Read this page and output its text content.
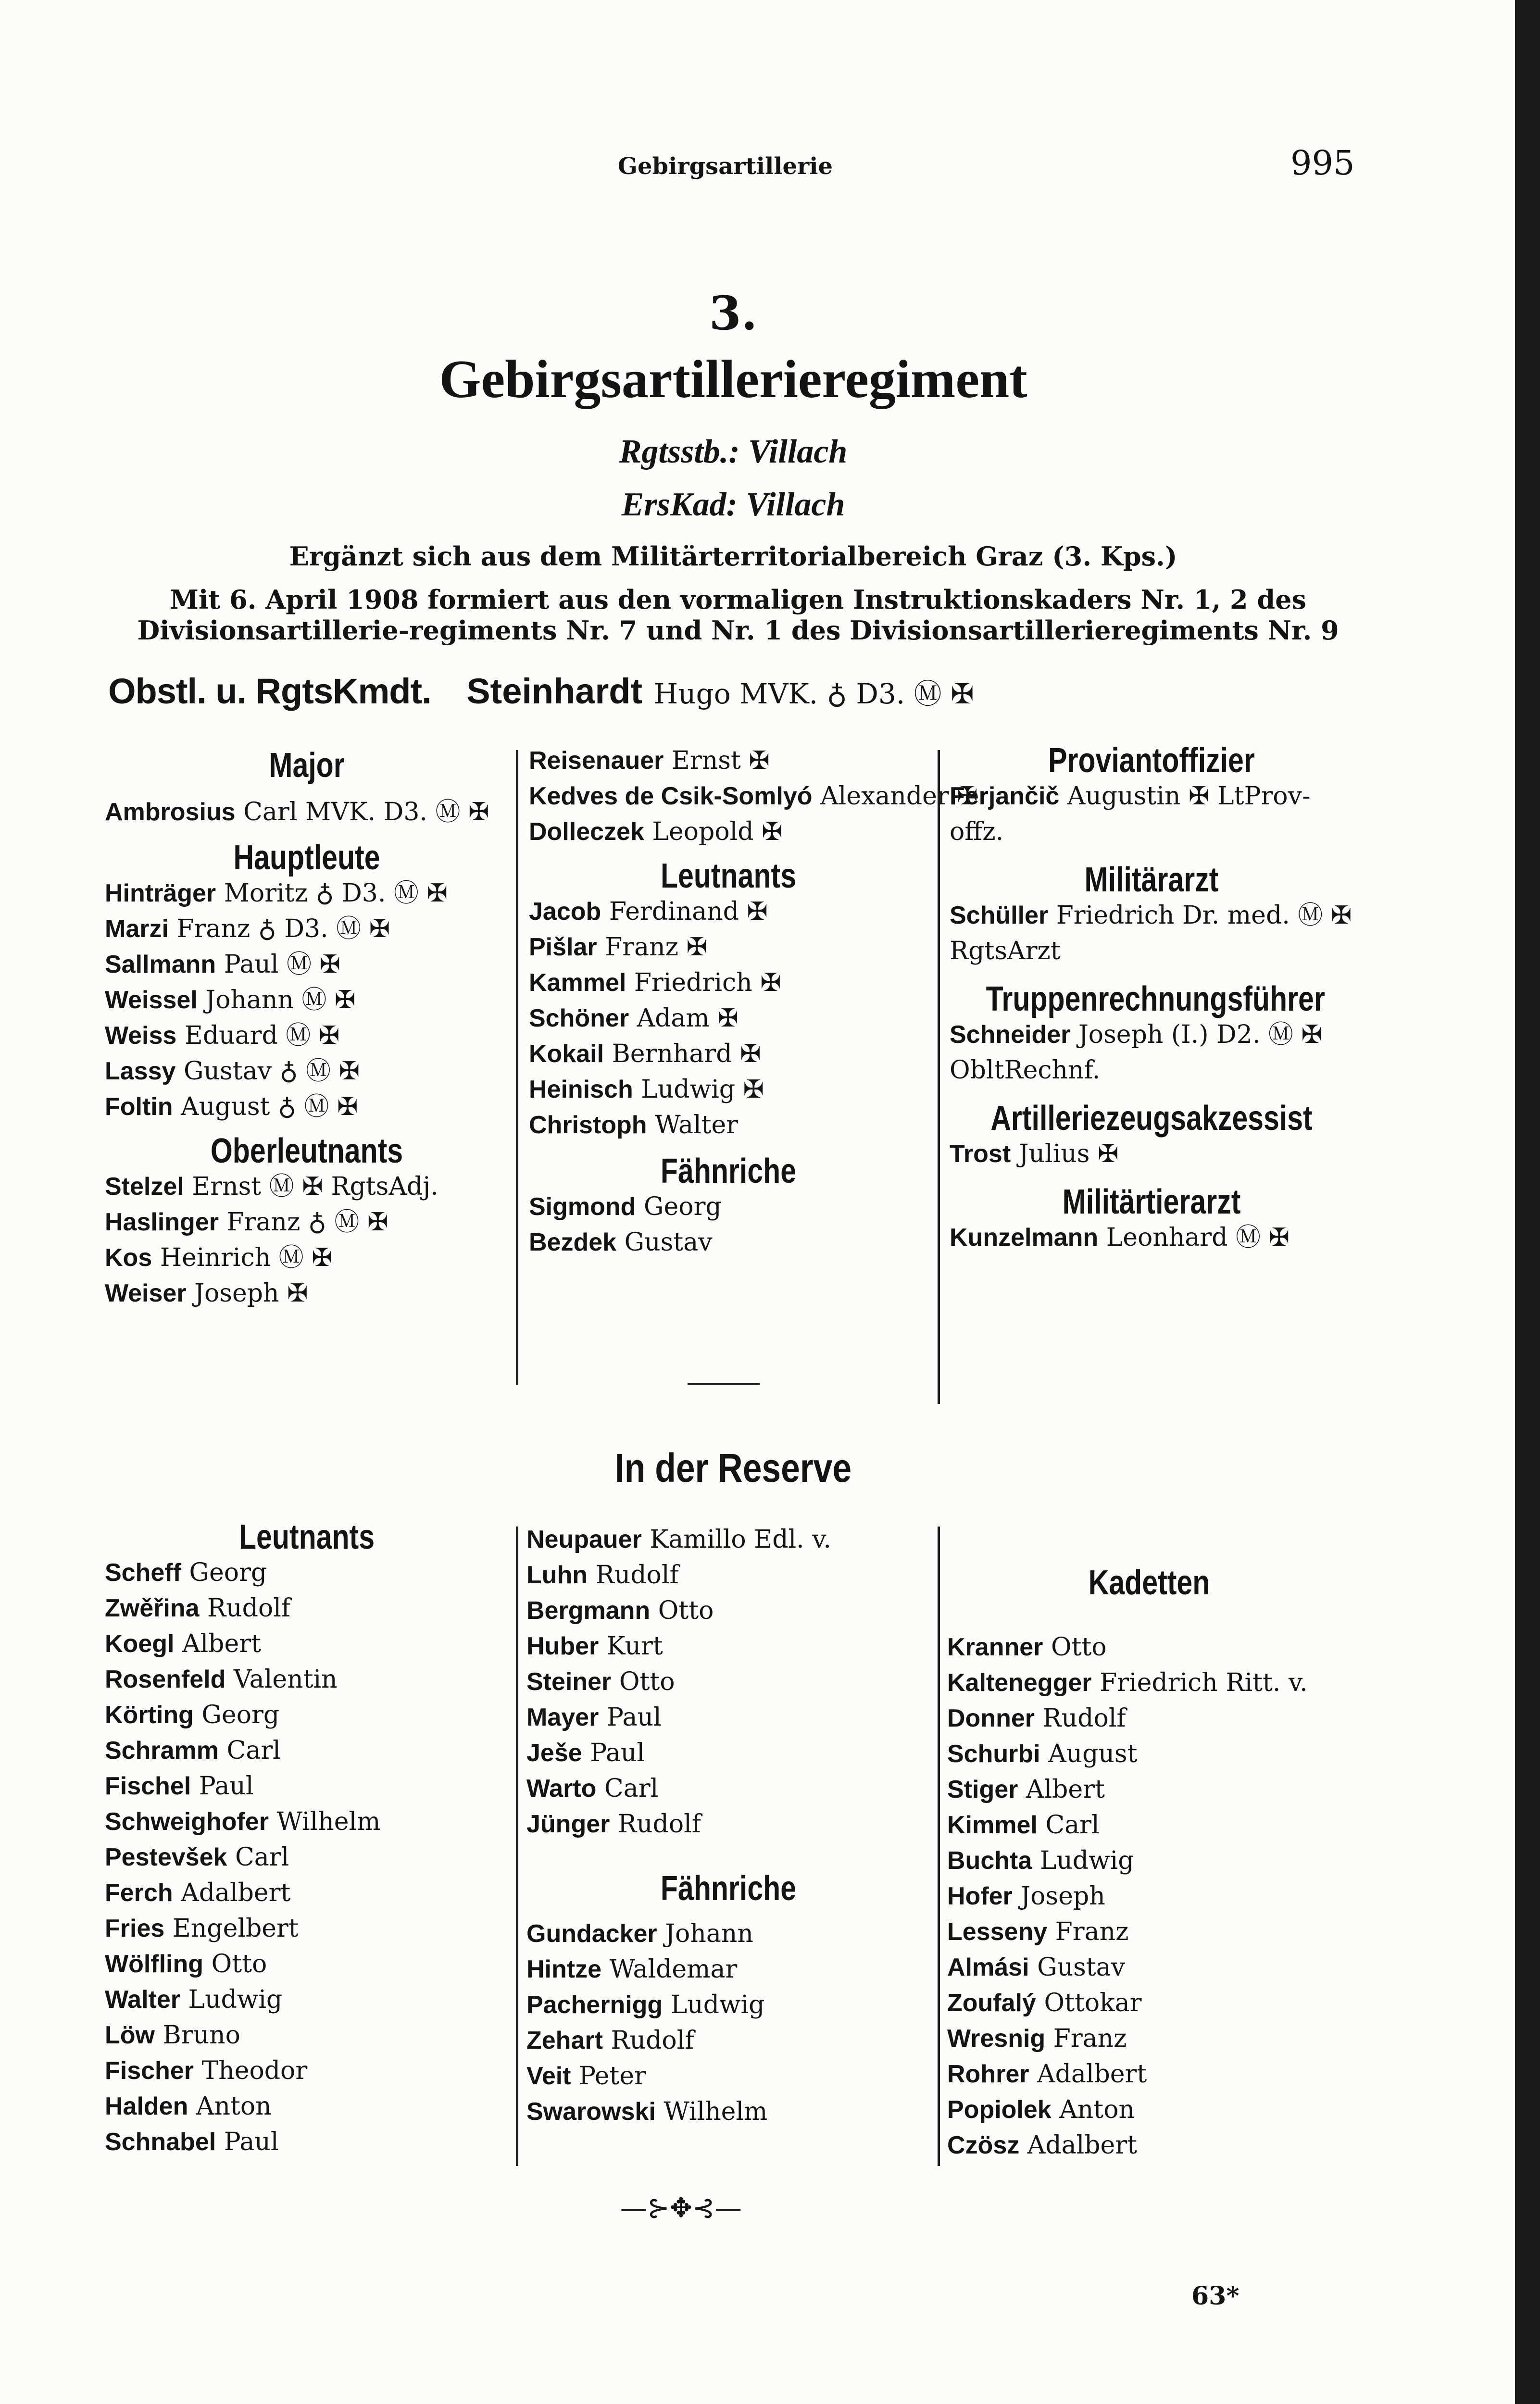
Gebirgsartillerie	995
3.
Gebirgsartillerieregiment
Rgtsstb.: Villach
ErsKad: Villach
Ergänzt sich aus dem Militärterritorialbereich Graz (3. Kps.)
Mit 6. April 1908 formiert aus den vormaligen Instruktionskaders Nr. 1, 2 des Divisionsartillerie-regiments Nr. 7 und Nr. 1 des Divisionsartillerieregiments Nr. 9
Obstl. u. RgtsKmdt. Steinhardt Hugo MVK. ♁ D3. Ⓜ ✠

Major

Ambrosius Carl MVK. D3. Ⓜ ✠

Hauptleute

Hinträger Moritz ♁ D3. Ⓜ ✠

Marzi Franz ♁ D3. Ⓜ ✠

Sallmann Paul Ⓜ ✠

Weissel Johann Ⓜ ✠

Weiss Eduard Ⓜ ✠

Lassy Gustav ♁ Ⓜ ✠

Foltin August ♁ Ⓜ ✠

Oberleutnants

Stelzel Ernst Ⓜ ✠ RgtsAdj.

Haslinger Franz ♁ Ⓜ ✠

Kos Heinrich Ⓜ ✠

Weiser Joseph ✠

Reisenauer Ernst ✠

Kedves de Csik-Somlyó Alexander ✠

Dolleczek Leopold ✠

Leutnants

Jacob Ferdinand ✠

Pišlar Franz ✠

Kammel Friedrich ✠

Schöner Adam ✠

Kokail Bernhard ✠

Heinisch Ludwig ✠

Christoph Walter

Fähnriche

Sigmond Georg

Bezdek Gustav

Proviantoffizier

Ferjančič Augustin ✠ LtProv-offz.

Militärarzt

Schüller Friedrich Dr. med. Ⓜ ✠ RgtsArzt

Truppenrechnungsführer

Schneider Joseph (I.) D2. Ⓜ ✠ ObltRechnf.

Artilleriezeugsakzessist

Trost Julius ✠

Militärtierarzt

Kunzelmann Leonhard Ⓜ ✠

In der Reserve

Leutnants

Scheff Georg

Zwěřina Rudolf

Koegl Albert

Rosenfeld Valentin

Körting Georg

Schramm Carl

Fischel Paul

Schweighofer Wilhelm

Pestevšek Carl

Ferch Adalbert

Fries Engelbert

Wölfling Otto

Walter Ludwig

Löw Bruno

Fischer Theodor

Halden Anton

Schnabel Paul

Neupauer Kamillo Edl. v.

Luhn Rudolf

Bergmann Otto

Huber Kurt

Steiner Otto

Mayer Paul

Ješe Paul

Warto Carl

Jünger Rudolf

Fähnriche

Gundacker Johann

Hintze Waldemar

Pachernigg Ludwig

Zehart Rudolf

Veit Peter

Swarowski Wilhelm

Kadetten

Kranner Otto

Kaltenegger Friedrich Ritt. v.

Donner Rudolf

Schurbi August

Stiger Albert

Kimmel Carl

Buchta Ludwig

Hofer Joseph

Lesseny Franz

Almási Gustav

Zoufalý Ottokar

Wresnig Franz

Rohrer Adalbert

Popiolek Anton

Czösz Adalbert

—⊱✥⊰—
63*
